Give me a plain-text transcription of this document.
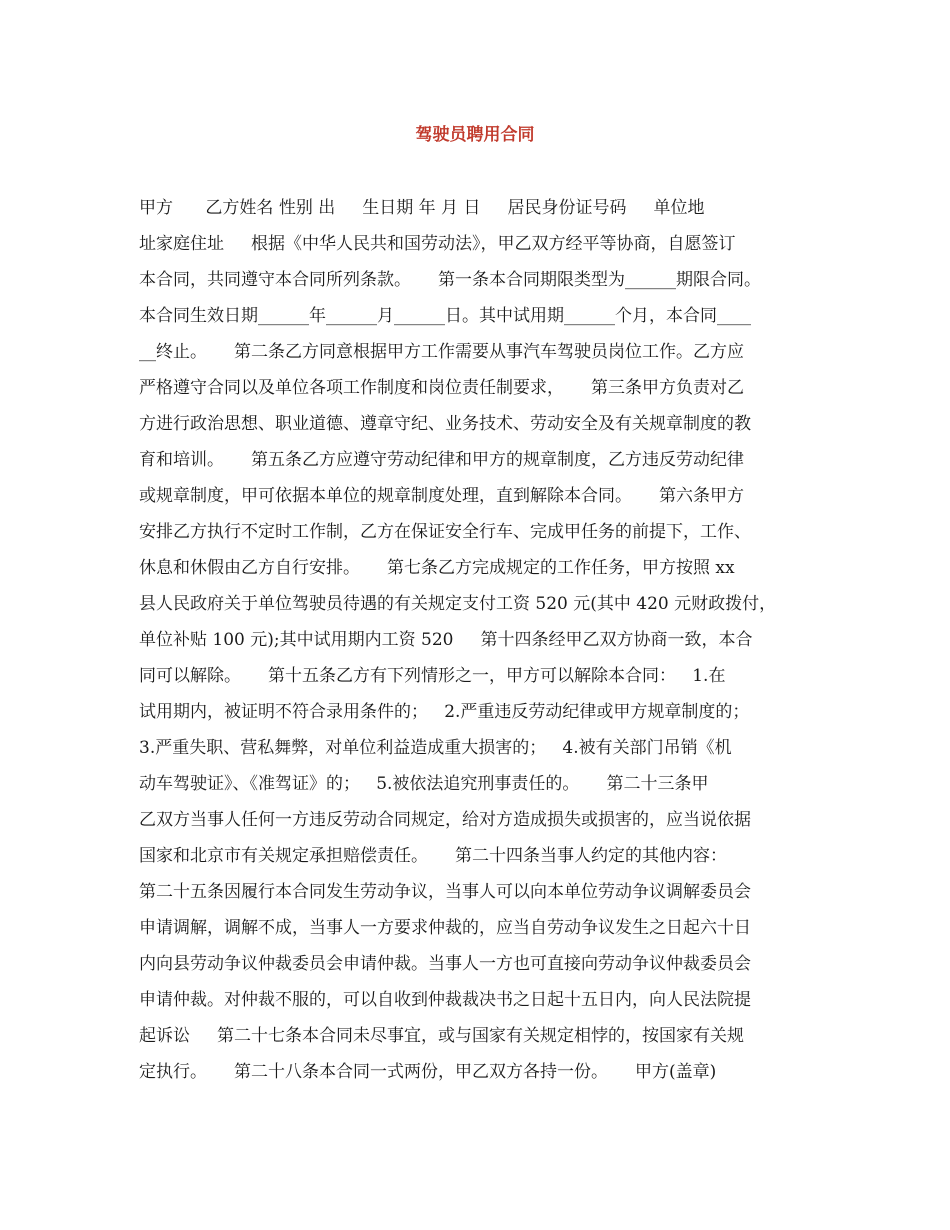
驾驶员聘用合同
甲方      乙方姓名 性别 出     生日期 年 月 日     居民身份证号码     单位地
址家庭住址     根据《中华人民共和国劳动法》，甲乙双方经平等协商，自愿签订
本合同，共同遵守本合同所列条款。     第一条本合同期限类型为______期限合同。
本合同生效日期______年______月______日。其中试用期______个月，本合同____
__终止。     第二条乙方同意根据甲方工作需要从事汽车驾驶员岗位工作。乙方应
严格遵守合同以及单位各项工作制度和岗位责任制要求，     第三条甲方负责对乙
方进行政治思想、职业道德、遵章守纪、业务技术、劳动安全及有关规章制度的教
育和培训。     第五条乙方应遵守劳动纪律和甲方的规章制度，乙方违反劳动纪律
或规章制度，甲可依据本单位的规章制度处理，直到解除本合同。     第六条甲方
安排乙方执行不定时工作制，乙方在保证安全行车、完成甲任务的前提下，工作、
休息和休假由乙方自行安排。     第七条乙方完成规定的工作任务，甲方按照 xx
县人民政府关于单位驾驶员待遇的有关规定支付工资 520 元(其中 420 元财政拨付，
单位补贴 100 元);其中试用期内工资 520     第十四条经甲乙双方协商一致，本合
同可以解除。     第十五条乙方有下列情形之一，甲方可以解除本合同：   1.在
试用期内，被证明不符合录用条件的；   2.严重违反劳动纪律或甲方规章制度的；
3.严重失职、营私舞弊，对单位利益造成重大损害的；   4.被有关部门吊销《机
动车驾驶证》、《准驾证》的；   5.被依法追究刑事责任的。     第二十三条甲
乙双方当事人任何一方违反劳动合同规定，给对方造成损失或损害的，应当说依据
国家和北京市有关规定承担赔偿责任。     第二十四条当事人约定的其他内容：
第二十五条因履行本合同发生劳动争议，当事人可以向本单位劳动争议调解委员会
申请调解，调解不成，当事人一方要求仲裁的，应当自劳动争议发生之日起六十日
内向县劳动争议仲裁委员会申请仲裁。当事人一方也可直接向劳动争议仲裁委员会
申请仲裁。对仲裁不服的，可以自收到仲裁裁决书之日起十五日内，向人民法院提
起诉讼     第二十七条本合同未尽事宜，或与国家有关规定相悖的，按国家有关规
定执行。     第二十八条本合同一式两份，甲乙双方各持一份。     甲方(盖章)
